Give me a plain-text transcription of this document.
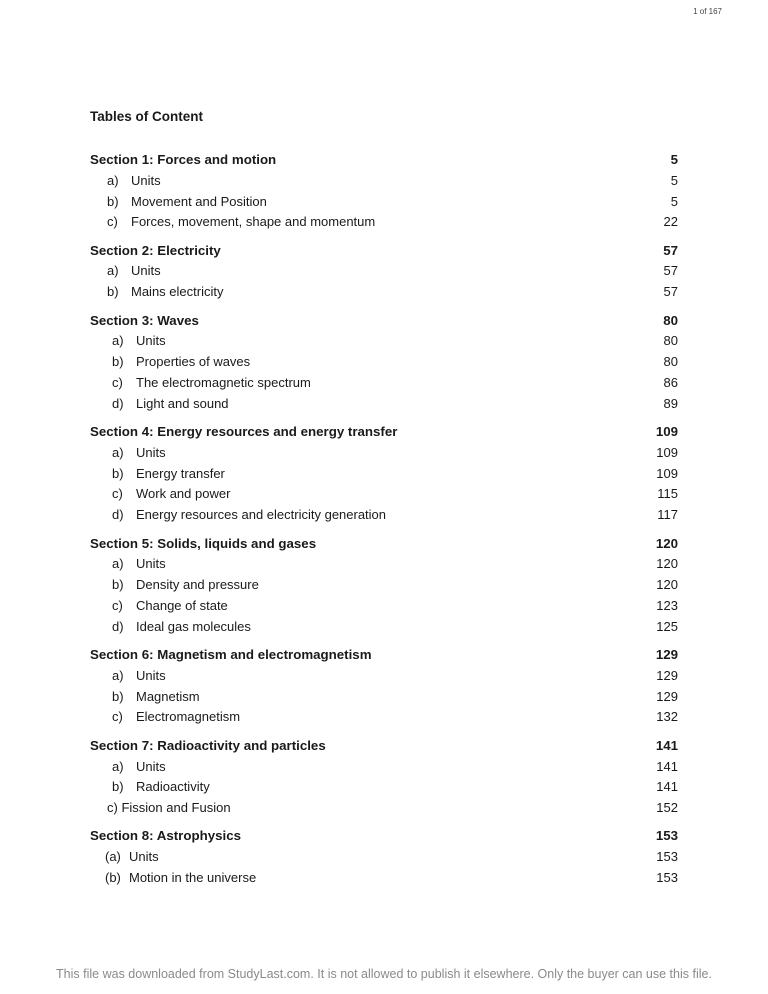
1 of 167
Tables of Content
Section 1: Forces and motion	5
a) Units	5
b) Movement and Position	5
c) Forces, movement, shape and momentum	22
Section 2: Electricity	57
a) Units	57
b) Mains electricity	57
Section 3: Waves	80
a) Units	80
b) Properties of waves	80
c) The electromagnetic spectrum	86
d) Light and sound	89
Section 4: Energy resources and energy transfer	109
a) Units	109
b) Energy transfer	109
c) Work and power	115
d) Energy resources and electricity generation	117
Section 5: Solids, liquids and gases	120
a) Units	120
b) Density and pressure	120
c) Change of state	123
d) Ideal gas molecules	125
Section 6: Magnetism and electromagnetism	129
a) Units	129
b) Magnetism	129
c) Electromagnetism	132
Section 7: Radioactivity and particles	141
a) Units	141
b) Radioactivity	141
c) Fission and Fusion	152
Section 8: Astrophysics	153
(a) Units	153
(b) Motion in the universe	153
This file was downloaded from StudyLast.com. It is not allowed to publish it elsewhere. Only the buyer can use this file.
